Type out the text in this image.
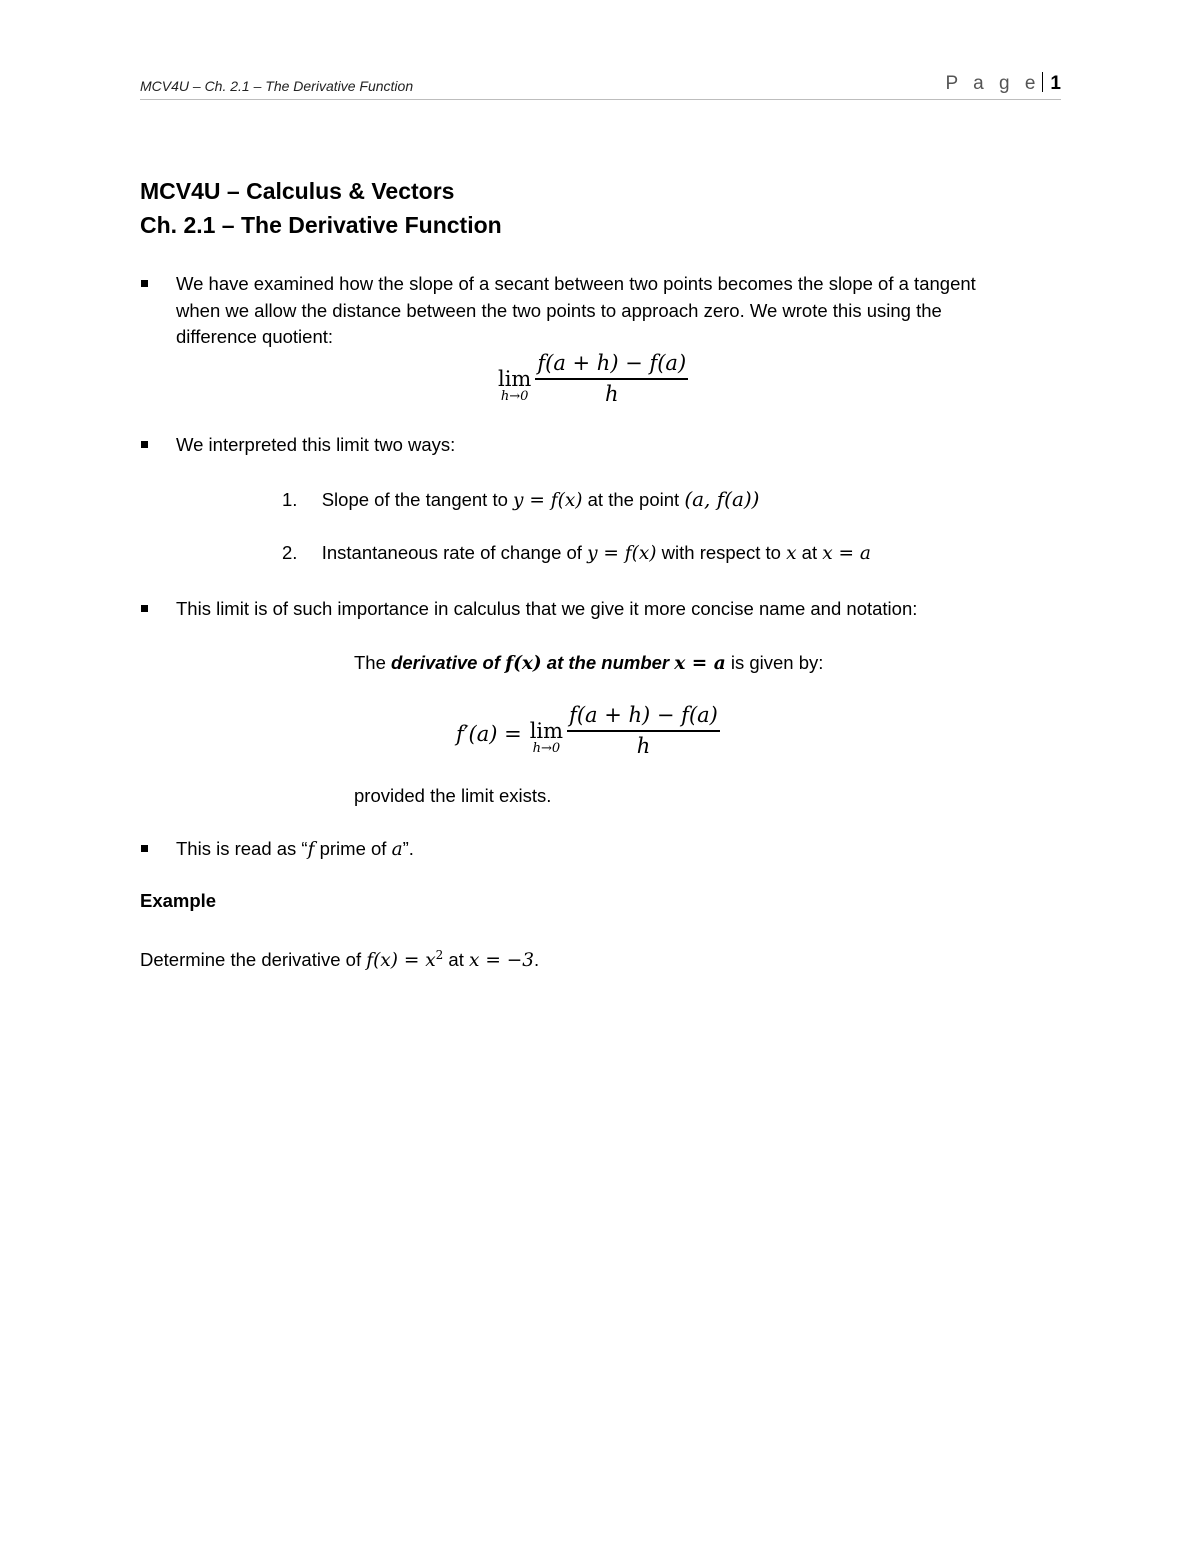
MCV4U – Ch. 2.1 – The Derivative Function	P a g e 1
MCV4U – Calculus & Vectors
Ch. 2.1 – The Derivative Function
We have examined how the slope of a secant between two points becomes the slope of a tangent
when we allow the distance between the two points to approach zero. We wrote this using the
difference quotient:
lim
$h\to 0 \frac{f(a + h) - f(a)}{h}$
We interpreted this limit two ways:
1. Slope of the tangent to y = f(x) at the point (a, f(a))
2. Instantaneous rate of change of y = f(x) with respect to x at x = a
This limit is of such importance in calculus that we give it more concise name and notation:
The derivative of f(x) at the number x = a is given by:
f′(a) = lim
$h\to 0 \frac{f(a + h) - f(a)}{h}$
provided the limit exists.
This is read as “f prime of a”.
Example
Determine the derivative of $f(x) = x^2$ at x = −3.
